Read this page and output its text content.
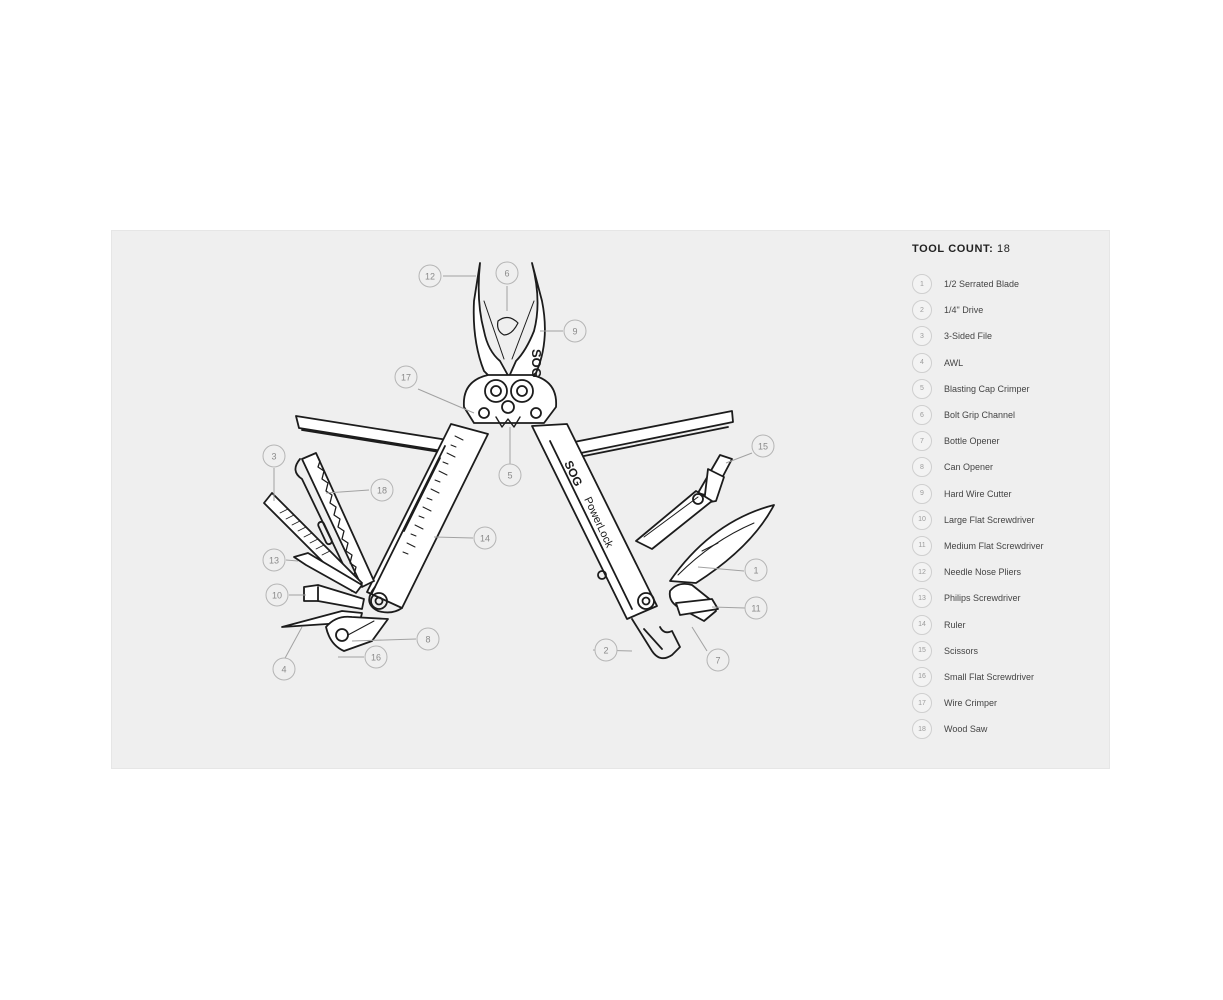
SOG
SOG
PowerLock
12	6
9
17
5
3
18
13
10
4
16
8
14
15
1
11
7
2
TOOL COUNT: 18
1	1/2 Serrated Blade
2	1/4" Drive
3	3-Sided File
4	AWL
5	Blasting Cap Crimper
6	Bolt Grip Channel
7	Bottle Opener
8	Can Opener
9	Hard Wire Cutter
10	Large Flat Screwdriver
11	Medium Flat Screwdriver
12	Needle Nose Pliers
13	Philips Screwdriver
14	Ruler
15	Scissors
16	Small Flat Screwdriver
17	Wire Crimper
18	Wood Saw
